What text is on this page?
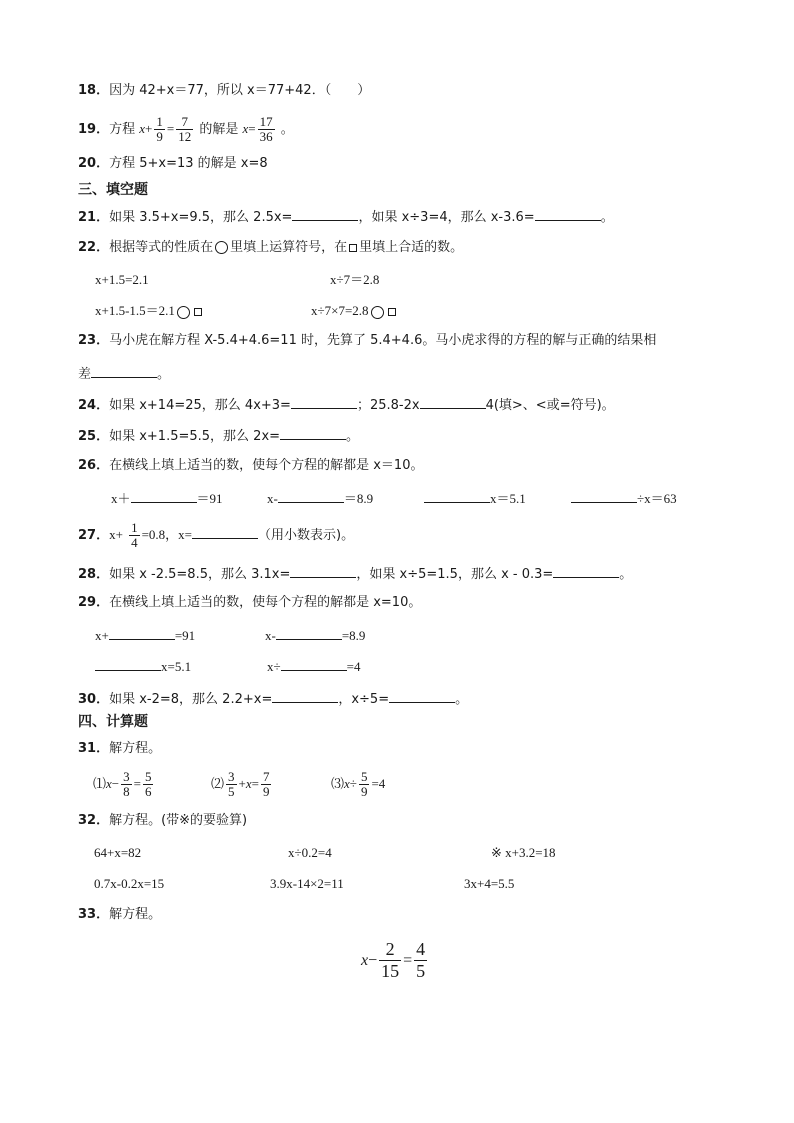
18．因为 42+x＝77，所以 x＝77+42．（　　）
19．方程 $x+ \frac{1}{9} = \frac{7}{12}$ 的解是 $x= \frac{17}{36}$ 。
20．方程 5+x=13 的解是 x=8
三、填空题
21．如果 3.5+x=9.5，那么 2.5x=	，如果 x÷3=4，那么 x-3.6=	。
22．根据等式的性质在 里填上运算符号，在 里填上合适的数。
x+1.5=2.1	x÷7＝2.8
x+1.5-1.5＝2.1	x÷7×7=2.8
23．马小虎在解方程 X-5.4+4.6=11 时，先算了 5.4+4.6。马小虎求得的方程的解与正确的结果相
差	。
24．如果 x+14=25，那么 4x+3=	；25.8-2x	4(填>、<或=符号)。
25．如果 x+1.5=5.5，那么 2x=	。
26．在横线上填上适当的数，使每个方程的解都是 x＝10。
x＋	＝91	x-	＝8.9	x＝5.1	÷x＝63
27．$x+ \frac{1}{4} =0.8$，x=	（用小数表示)。
28．如果 x -2.5=8.5，那么 3.1x=	，如果 x÷5=1.5，那么 x - 0.3=	。
29．在横线上填上适当的数，使每个方程的解都是 x=10。
x+	=91	x-	=8.9
x=5.1	x÷	=4
30．如果 x-2=8，那么 2.2+x=	，x÷5=	。
四、计算题
31．解方程。
⑴x− $\frac{3}{8} = \frac{5}{6}$	⑵ $\frac{3}{5} +x= \frac{7}{9}$	⑶x÷ $\frac{5}{9} =4$
32．解方程。(带※的要验算)
64+x=82	x÷0.2=4	※ x+3.2=18
0.7x-0.2x=15	3.9x-14×2=11	3x+4=5.5
33．解方程。
$x- \frac{2}{15} = \frac{4}{5}$
